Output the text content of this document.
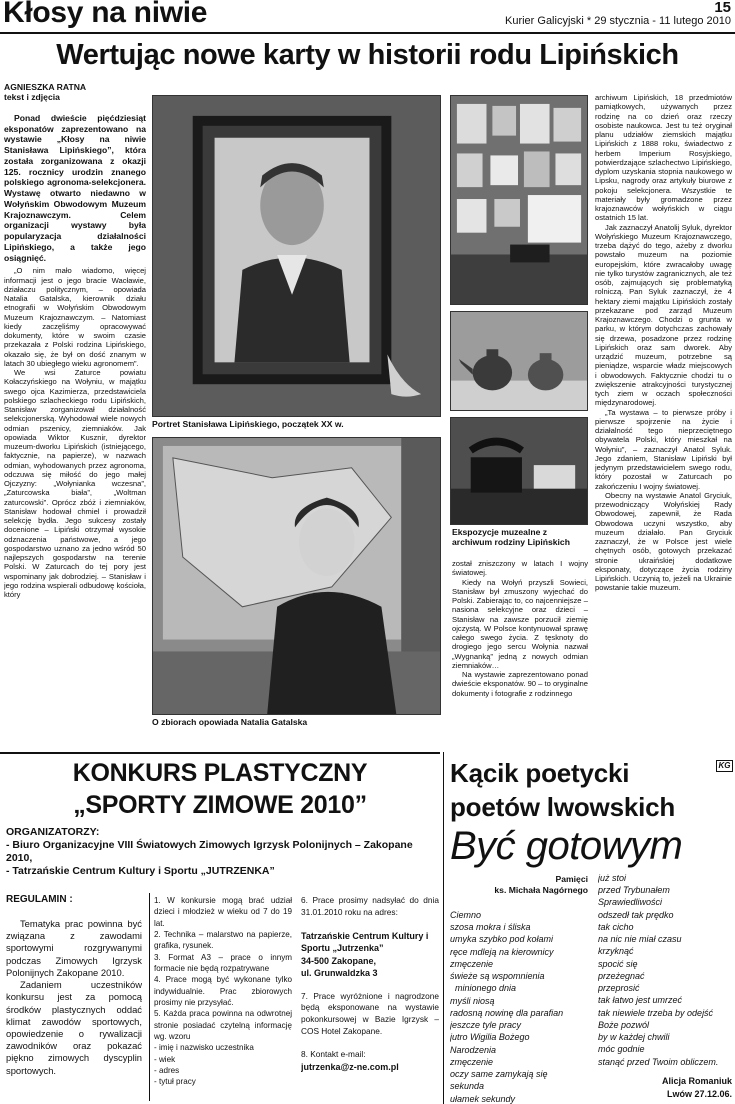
Kłosy na niwie	15
Kurier Galicyjski * 29 stycznia - 11 lutego 2010
Wertując nowe karty w historii rodu Lipińskich
AGNIESZKA RATNA
tekst i zdjęcia

Ponad dwieście pięćdziesiąt eksponatów zaprezentowano na wystawie „Kłosy na niwie Stanisława Lipińskiego”, która została zorganizowana z okazji 125. rocznicy urodzin znanego polskiego agronoma-selekcjonera. Wystawę otwarto niedawno w Wołyńskim Obwodowym Muzeum Krajoznawczym. Celem organizacji wystawy była popularyzacja działalności Lipińskiego, a także jego osiągnięć.

„O nim mało wiadomo, więcej informacji jest o jego bracie Wacławie, działaczu politycznym, – opowiada Natalia Gatalska, kierownik działu etnografii w Wołyńskim Obwodowym Muzeum Krajoznawczym. – Natomiast kiedy zaczęliśmy opracowywać dokumenty, które w swoim czasie przekazała z Polski rodzina Lipińskiego, okazało się, że był on dość znanym w latach 30 ubiegłego wieku agronomem”.

We wsi Zaturce powiatu Kołaczyńskiego na Wołyniu, w majątku swego ojca Kazimierza, przedstawiciela polskiego szlacheckiego rodu Lipińskich, Stanisław zorganizował działalność selekcjonerską. Wyhodował wiele nowych odmian pszenicy, ziemniaków. Jak opowiada Wiktor Kusznir, dyrektor muzeum-dworku Lipińskich (istniejącego, faktycznie, na papierze), w nazwach odmian, wyhodowanych przez agronoma, odczuwa się miłość do jego małej Ojczyzny: „Wołynianka wczesna”, „Zaturcowska biała”, „Woltman zaturcowski”. Oprócz zbóż i ziemniaków, Stanisław hodował chmiel i prowadził selekcję bydła. Jego sukcesy zostały docenione – Lipiński otrzymał wysokie odznaczenia państwowe, a jego gospodarstwo uznano za jedno wśród 50 najlepszych gospodarstw na terenie Polski. W Zaturcach do tej pory jest wspominany jak dobrodziej. – Stanisław i jego rodzina wspierali odbudowę kościoła, który

Portret Stanisława Lipińskiego, początek XX w.
O zbiorach opowiada Natalia Gatalska
Ekspozycje muzealne z archiwum rodziny Lipińskich

został zniszczony w latach I wojny światowej.

Kiedy na Wołyń przyszli Sowieci, Stanisław był zmuszony wyjechać do Polski. Zabierając to, co najcenniejsze – nasiona selekcyjne oraz dzieci – Stanisław na zawsze porzucił ziemię ojczystą. W Polsce kontynuował sprawę całego swego życia. Z tęsknoty do drogiego jego sercu Wołynia nazwał „Wygnanką” jedną z nowych odmian ziemniaków…

Na wystawie zaprezentowano ponad dwieście eksponatów. 90 – to oryginalne dokumenty i fotografie z rodzinnego

archiwum Lipińskich, 18 przedmiotów pamiątkowych, używanych przez rodzinę na co dzień oraz rzeczy osobiste naukowca. Jest tu też oryginał planu udziałów ziemskich majątku Lipińskich z 1888 roku, świadectwo z herbem Imperium Rosyjskiego, potwierdzające szlachectwo Lipińskiego, dyplom uzyskania stopnia naukowego w Lipsku, nagrody oraz artykuły biurowe z pokoju selekcjonera. Wszystkie te materiały były gromadzone przez krajoznawców wołyńskich w ciągu ostatnich 15 lat.

Jak zaznaczył Anatolij Syluk, dyrektor Wołyńskiego Muzeum Krajoznawczego, trzeba dążyć do tego, ażeby z dworku powstało muzeum na poziomie europejskim, które zwracałoby uwagę nie tylko turystów zagranicznych, ale też osób, zajmujących się problematyką rolniczą. Pan Syluk zaznaczył, że 4 hektary ziemi majątku Lipińskich zostały przekazane pod zarząd Muzeum Krajoznawczego. Chodzi o grunta w parku, w którym dotychczas zachowały się drzewa, posadzone przez rodzinę Lipińskich oraz sam dworek. Aby urządzić muzeum, potrzebne są pieniądze, wsparcie władz miejscowych i obwodowych. Faktycznie chodzi tu o zwiększenie atrakcyjności turystycznej tych ziem w oczach społeczności międzynarodowej.

„Ta wystawa – to pierwsze próby i pierwsze spojrzenie na życie i działalność tego nieprzeciętnego obywatela Polski, który mieszkał na Wołyniu”, – zaznaczył Anatol Syluk. Jego zdaniem, Stanisław Lipiński był jedynym przedstawicielem swego rodu, który pozostał w Zaturcach po zakończeniu I wojny światowej.

Obecny na wystawie Anatol Gryciuk, przewodniczący Wołyńskiej Rady Obwodowej, zapewnił, że Rada Obwodowa uczyni wszystko, aby muzeum działało. Pan Gryciuk zaznaczył, że w Polsce jest wiele chętnych osób, gotowych przekazać stronie ukraińskiej dodatkowe eksponaty, dotyczące życia rodziny Lipińskich. Uczynią to, jeżeli na Ukrainie powstanie takie muzeum.

KG
KONKURS PLASTYCZNY
„SPORTY ZIMOWE 2010”
ORGANIZATORZY:
- Biuro Organizacyjne VIII Światowych Zimowych Igrzysk Polonijnych – Zakopane 2010,
- Tatrzańskie Centrum Kultury i Sportu „JUTRZENKA”
REGULAMIN :

Tematyka prac powinna być związana z zawodami sportowymi rozgrywanymi podczas Zimowych Igrzysk Polonijnych Zakopane 2010.

Zadaniem uczestników konkursu jest za pomocą środków plastycznych oddać klimat zawodów sportowych, opowiedzenie o rywalizacji zawodników oraz pokazać piękno zimowych dyscyplin sportowych.

1. W konkursie mogą brać udział dzieci i młodzież w wieku od 7 do 19 lat.
2. Technika – malarstwo na papierze, grafika, rysunek.
3. Format A3 – prace o innym formacie nie będą rozpatrywane
4. Prace mogą być wykonane tylko indywidualnie. Prac zbiorowych prosimy nie przysyłać.
5. Każda praca powinna na odwrotnej stronie posiadać czytelną informację wg. wzoru
- imię i nazwisko uczestnika
- wiek
- adres
- tytuł pracy

6. Prace prosimy nadsyłać do dnia 31.01.2010 roku na adres:

Tatrzańskie Centrum Kultury i Sportu „Jutrzenka”
34-500 Zakopane,
ul. Grunwaldzka 3

7. Prace wyróżnione i nagrodzone będą eksponowane na wystawie pokonkursowej w Bazie Igrzysk – COS Hotel Zakopane.

8. Kontakt e-mail:
jutrzenka@z-ne.com.pl
Kącik poetycki
poetów lwowskich
Być gotowym
Pamięci
ks. Michała Nagórnego
Ciemno
szosa mokra i śliska
umyka szybko pod kołami
ręce mdleją na kierownicy
zmęczenie
świeże są wspomnienia
minionego dnia
myśli niosą
radosną nowinę dla parafian
jeszcze tyle pracy
jutro Wigilia Bożego
Narodzenia
zmęczenie
oczy same zamykają się
sekunda
ułamek sekundy
już stoi
przed Trybunałem
Sprawiedliwości
odszedł tak prędko
tak cicho
na nic nie miał czasu
krzyknąć
spocić się
przeżegnać
przeprosić
tak łatwo jest umrzeć
tak niewiele trzeba by odejść
Boże pozwól
by w każdej chwili
móc godnie
stanąć przed Twoim obliczem.
Alicja Romaniuk
Lwów 27.12.06.
